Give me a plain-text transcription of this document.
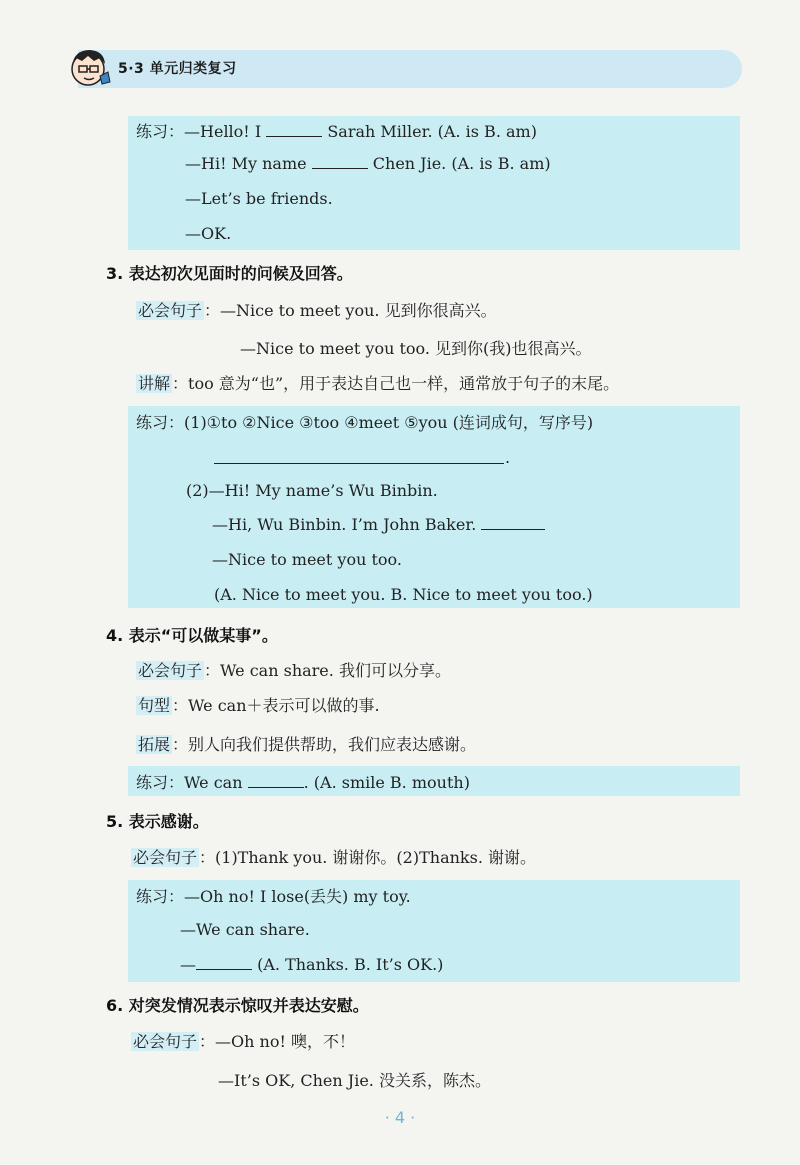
5·3 单元归类复习
练习：—Hello! I	Sarah Miller. (A. is B. am)
—Hi! My name	Chen Jie. (A. is B. am)
—Let’s be friends.
—OK.
3. 表达初次见面时的问候及回答。
必会句子 ：—Nice to meet you. 见到你很高兴。
—Nice to meet you too. 见到你(我)也很高兴。
讲解 ：too 意为“也”，用于表达自己也一样，通常放于句子的末尾。
练习：(1)①to ②Nice ③too ④meet ⑤you (连词成句，写序号)
.
(2)—Hi! My name’s Wu Binbin.
—Hi, Wu Binbin. I’m John Baker.
—Nice to meet you too.
(A. Nice to meet you. B. Nice to meet you too.)
4. 表示“可以做某事”。
必会句子 ：We can share. 我们可以分享。
句型 ：We can＋表示可以做的事.
拓展 ：别人向我们提供帮助，我们应表达感谢。
练习：We can	. (A. smile B. mouth)
5. 表示感谢。
必会句子 ：(1)Thank you. 谢谢你。(2)Thanks. 谢谢。
练习：—Oh no! I lose(丢失) my toy.
—We can share.
—	(A. Thanks. B. It’s OK.)
6. 对突发情况表示惊叹并表达安慰。
必会句子 ：—Oh no! 噢，不！
—It’s OK, Chen Jie. 没关系，陈杰。
· 4 ·
